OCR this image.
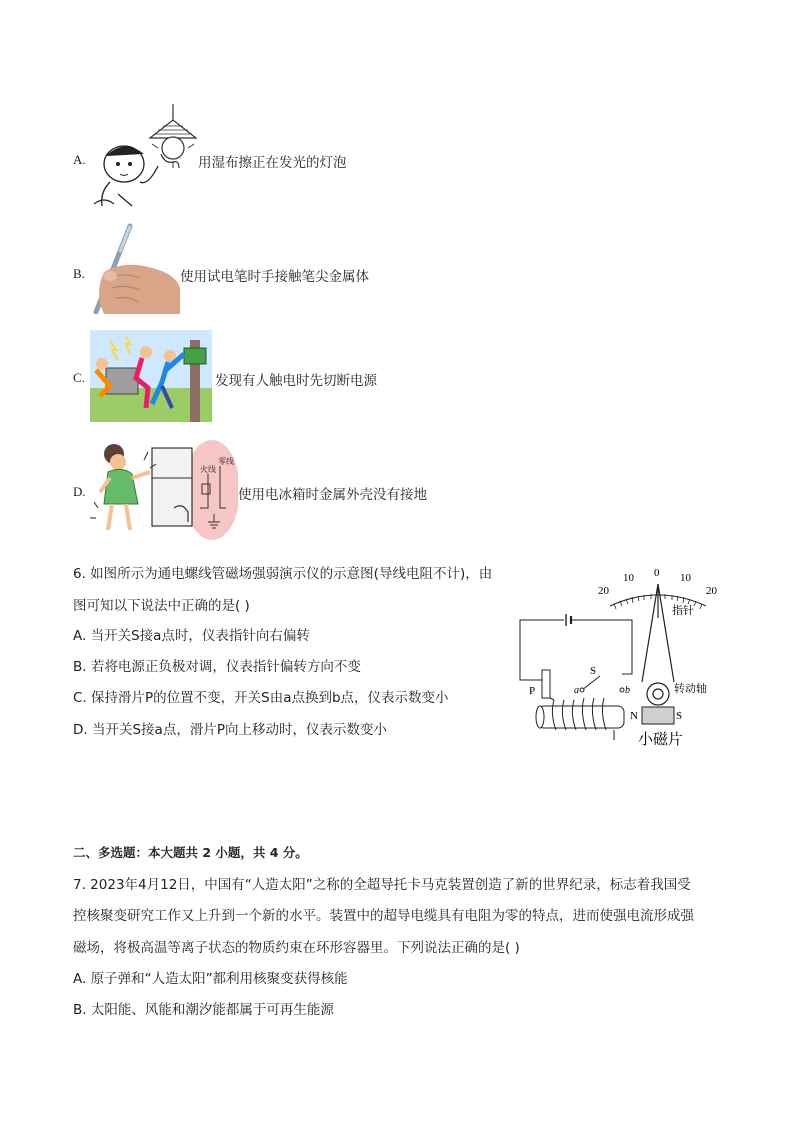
A.	用湿布擦正在发光的灯泡
B.	使用试电笔时手接触笔尖金属体
C.	发现有人触电时先切断电源
D.
火线
零线
使用电冰箱时金属外壳没有接地
6. 如图所示为通电螺线管磁场强弱演示仪的示意图(导线电阻不计)，由
图可知以下说法中正确的是( )
A. 当开关S接a点时，仪表指针向右偏转
B. 若将电源正负极对调，仪表指针偏转方向不变
C. 保持滑片P的位置不变，开关S由a点换到b点，仪表示数变小
D. 当开关S接a点，滑片P向上移动时，仪表示数变小
20
10 0 10
20
指针
转动轴
N	S
小磁片
P
S
a	b
二、多选题：本大题共 2 小题，共 4 分。
7. 2023年4月12日，中国有“人造太阳”之称的全超导托卡马克装置创造了新的世界纪录，标志着我国受
控核聚变研究工作又上升到一个新的水平。装置中的超导电缆具有电阻为零的特点，进而使强电流形成强
磁场，将极高温等离子状态的物质约束在环形容器里。下列说法正确的是( )
A. 原子弹和“人造太阳”都利用核聚变获得核能
B. 太阳能、风能和潮汐能都属于可再生能源
